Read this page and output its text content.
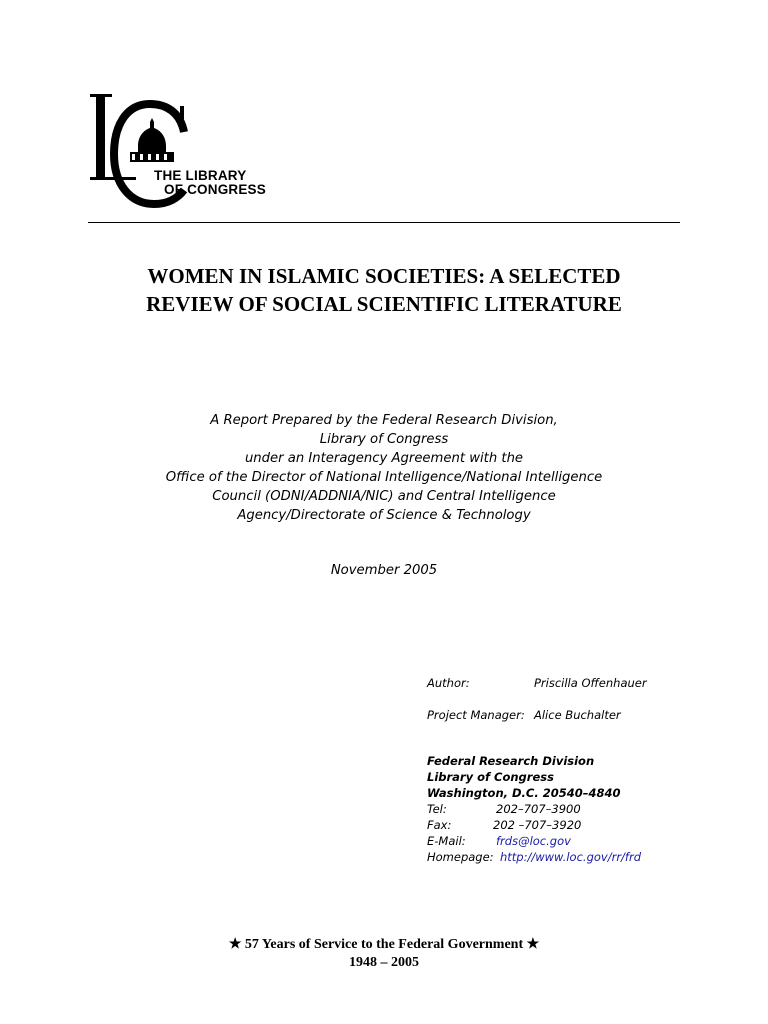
THE LIBRARY
OF CONGRESS
WOMEN IN ISLAMIC SOCIETIES: A SELECTED
REVIEW OF SOCIAL SCIENTIFIC LITERATURE
A Report Prepared by the Federal Research Division,
Library of Congress
under an Interagency Agreement with the
Office of the Director of National Intelligence/National Intelligence
Council (ODNI/ADDNIA/NIC) and Central Intelligence
Agency/Directorate of Science & Technology
November 2005
Author:	Priscilla Offenhauer
Project Manager: Alice Buchalter
Federal Research Division
Library of Congress
Washington, D.C. 20540–4840
Tel:	202–707–3900
Fax:	202 –707–3920
E-Mail:	frds@loc.gov
Homepage: http://www.loc.gov/rr/frd
★ 57 Years of Service to the Federal Government ★
1948 – 2005
